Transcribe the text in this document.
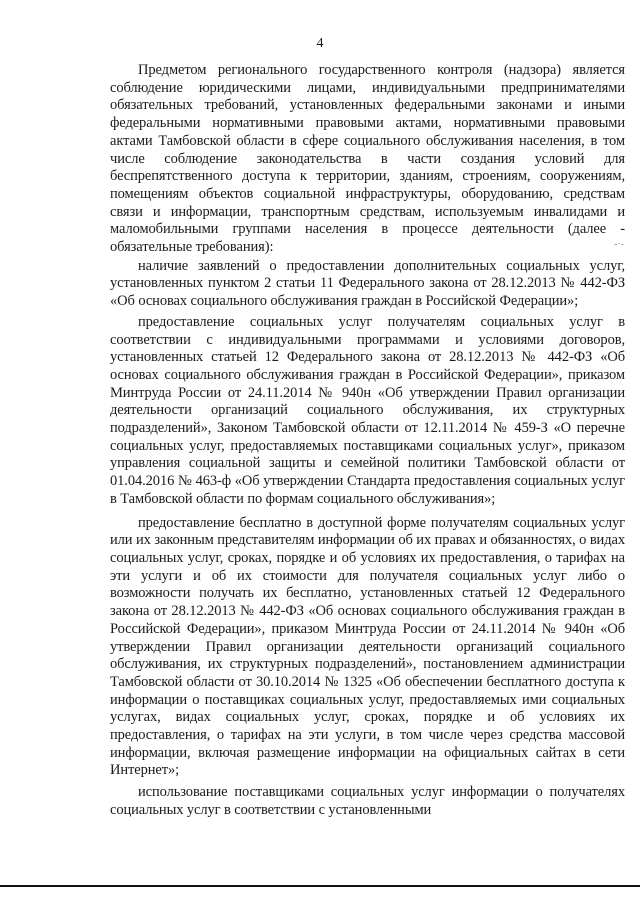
4

Предметом регионального государственного контроля (надзора) является соблюдение юридическими лицами, индивидуальными предпринимателями обязательных требований, установленных федеральными законами и иными федеральными нормативными правовыми актами, нормативными правовыми актами Тамбовской области в сфере социального обслуживания населения, в том числе соблюдение законодательства в части создания условий для беспрепятственного доступа к территории, зданиям, строениям, сооружениям, помещениям объектов социальной инфраструктуры, оборудованию, средствам связи и информации, транспортным средствам, используемым инвалидами и маломобильными группами населения в процессе деятельности (далее - обязательные требования):

наличие заявлений о предоставлении дополнительных социальных услуг, установленных пунктом 2 статьи 11 Федерального закона от 28.12.2013 № 442-ФЗ «Об основах социального обслуживания граждан в Российской Федерации»;

предоставление социальных услуг получателям социальных услуг в соответствии с индивидуальными программами и условиями договоров, установленных статьей 12 Федерального закона от 28.12.2013 № 442-ФЗ «Об основах социального обслуживания граждан в Российской Федерации», приказом Минтруда России от 24.11.2014 № 940н «Об утверждении Правил организации деятельности организаций социального обслуживания, их структурных подразделений», Законом Тамбовской области от 12.11.2014 № 459-З «О перечне социальных услуг, предоставляемых поставщиками социальных услуг», приказом управления социальной защиты и семейной политики Тамбовской области от 01.04.2016 № 463-ф «Об утверждении Стандарта предоставления социальных услуг в Тамбовской области по формам социального обслуживания»;

предоставление бесплатно в доступной форме получателям социальных услуг или их законным представителям информации об их правах и обязанностях, о видах социальных услуг, сроках, порядке и об условиях их предоставления, о тарифах на эти услуги и об их стоимости для получателя социальных услуг либо о возможности получать их бесплатно, установленных статьей 12 Федерального закона от 28.12.2013 № 442-ФЗ «Об основах социального обслуживания граждан в Российской Федерации», приказом Минтруда России от 24.11.2014 № 940н «Об утверждении Правил организации деятельности организаций социального обслуживания, их структурных подразделений», постановлением администрации Тамбовской области от 30.10.2014 № 1325 «Об обеспечении бесплатного доступа к информации о поставщиках социальных услуг, предоставляемых ими социальных услугах, видах социальных услуг, сроках, порядке и об условиях их предоставления, о тарифах на эти услуги, в том числе через средства массовой информации, включая размещение информации на официальных сайтах в сети Интернет»;

использование поставщиками социальных услуг информации о получателях социальных услуг в соответствии с установленными

-·-
